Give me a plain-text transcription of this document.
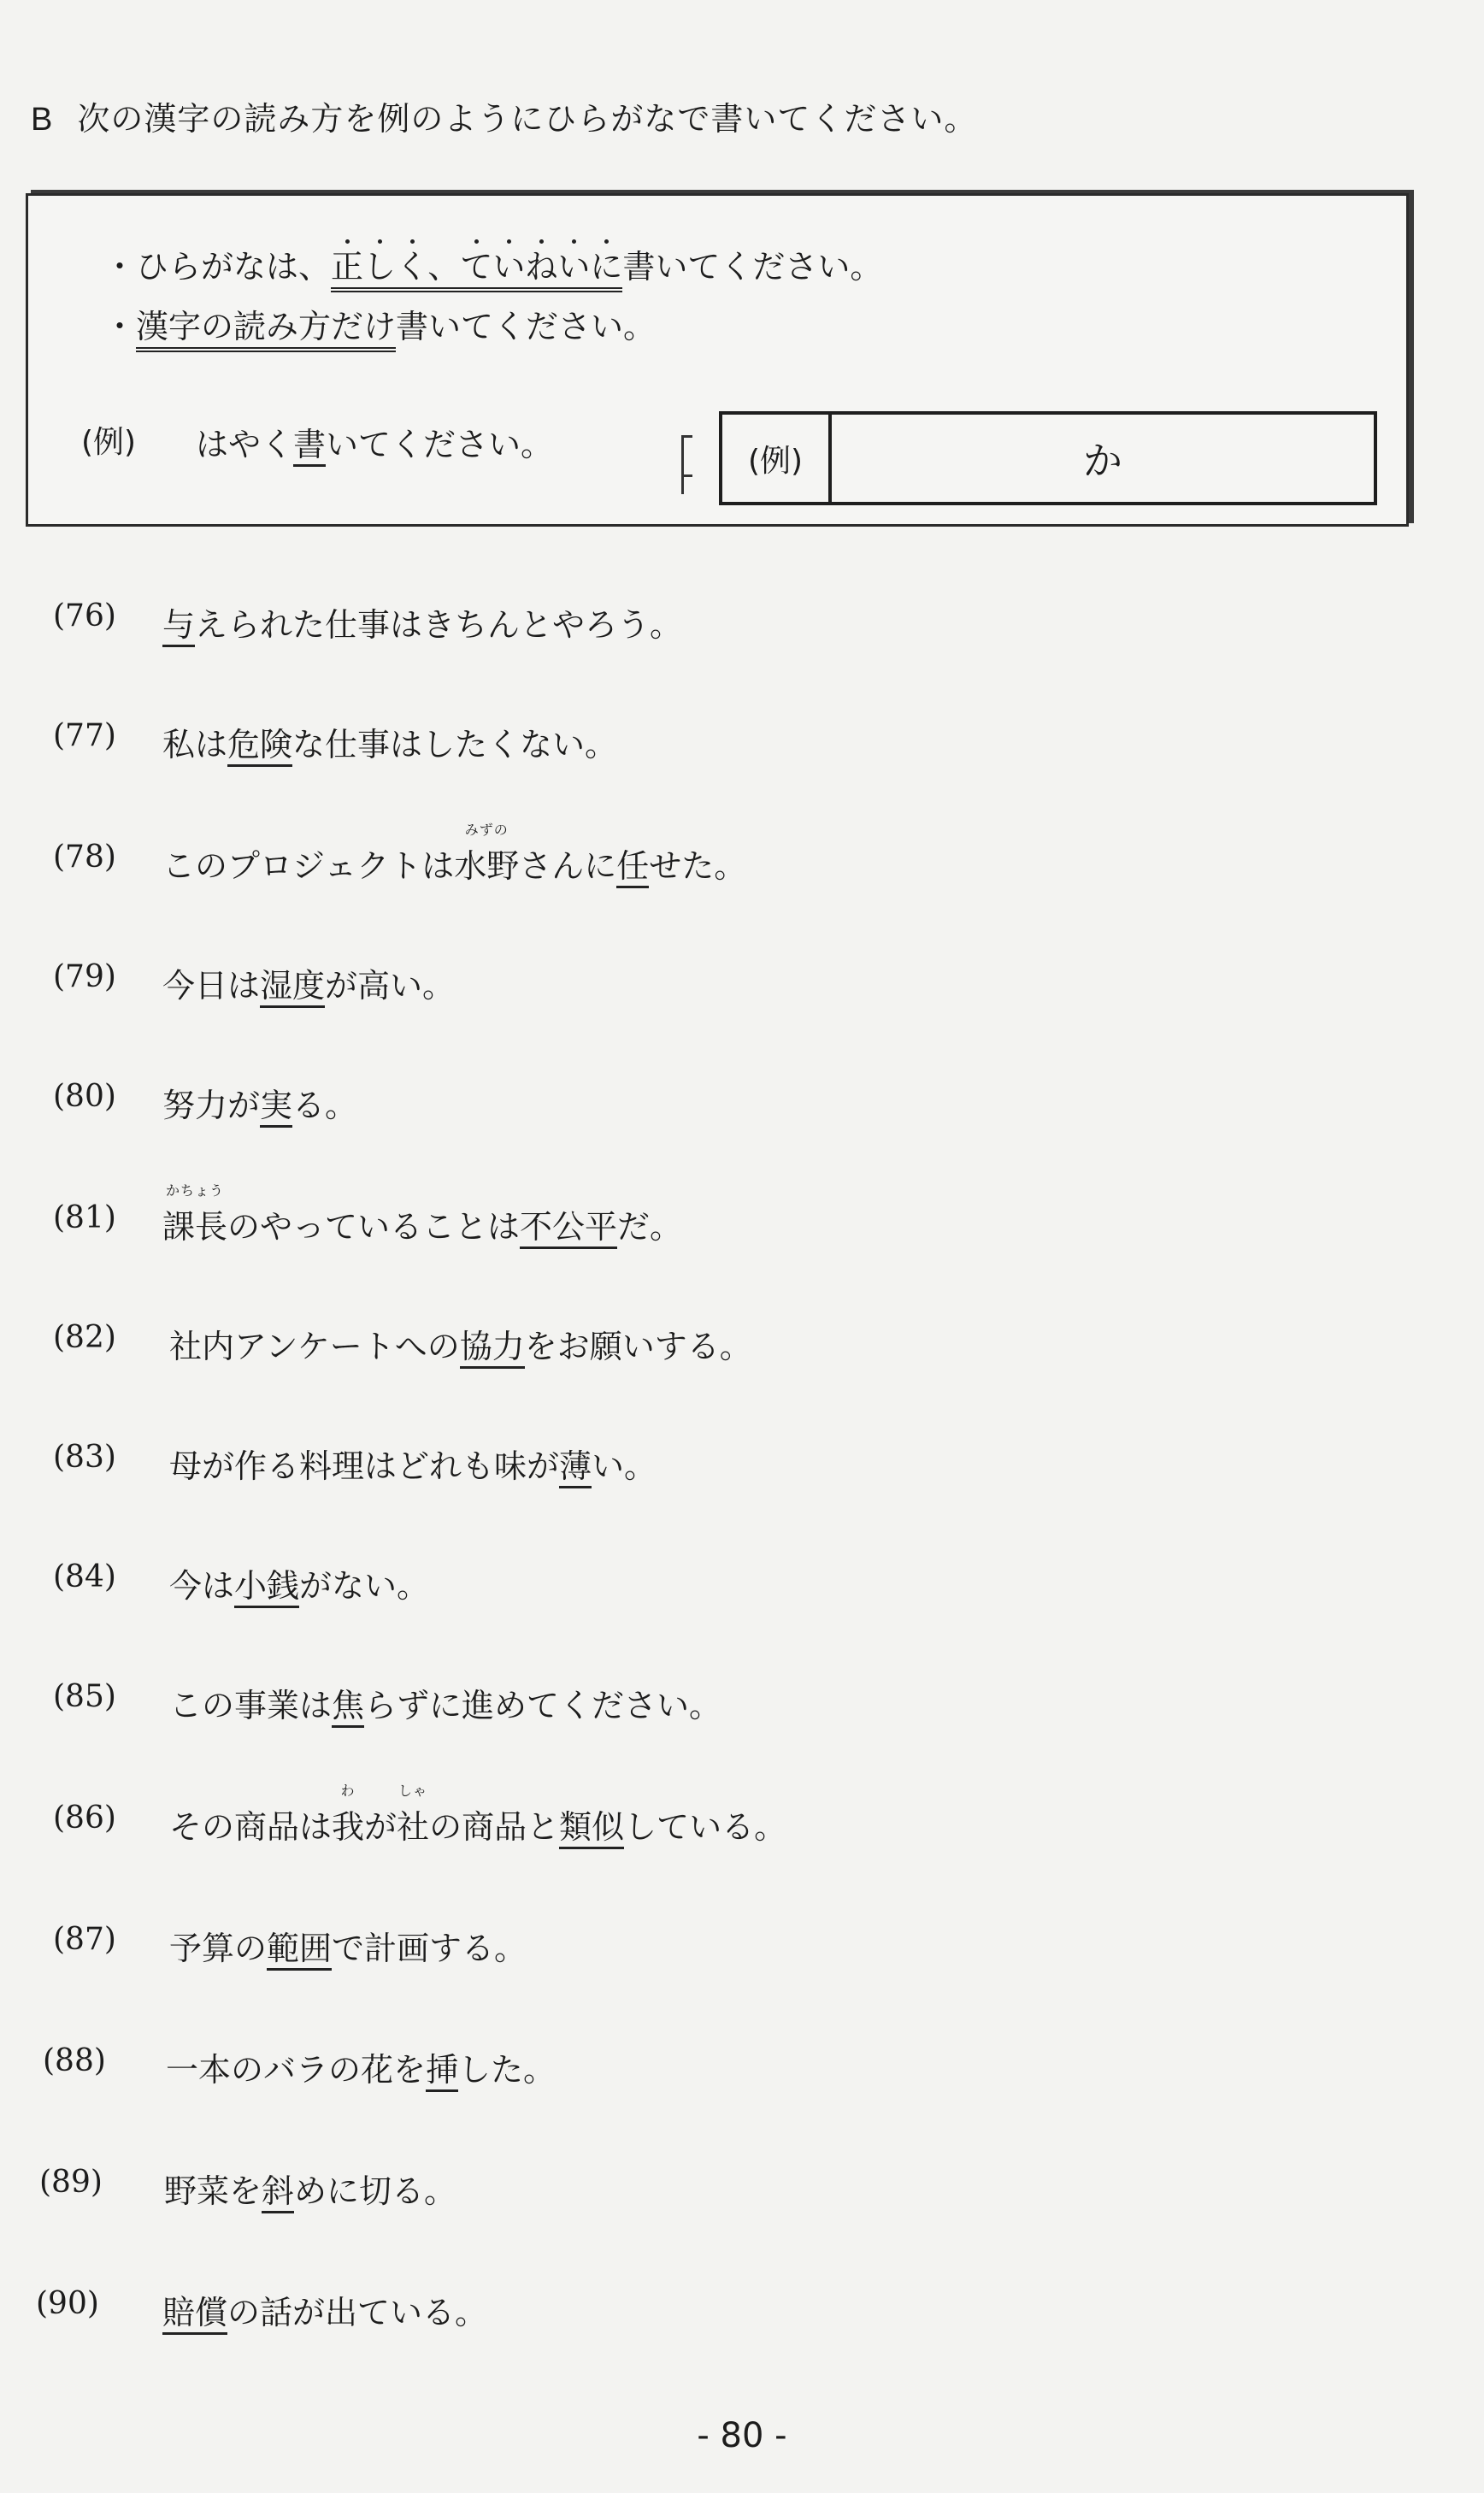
B 次の漢字の読み方を例のようにひらがなで書いてください。
・ひらがなは、正しく、ていねいに書いてください。
・漢字の読み方だけ書いてください。
(例) はやく書いてください。	(例)	か
(76) 与えられた仕事はきちんとやろう。
(77) 私は危険な仕事はしたくない。
(78) このプロジェクトは
みずの
水野さんに任せた。
(79) 今日は湿度が高い。
(80) 努力が実る。
(81)
かちょう
課長のやっていることは不公平だ。
(82) 社内アンケートへの協力をお願いする。
(83) 母が作る料理はどれも味が薄い。
(84) 今は小銭がない。
(85) この事業は焦らずに進めてください。
(86) その商品は
わ
我が
しゃ
社の商品と類似している。
(87) 予算の範囲で計画する。
(88) 一本のバラの花を挿した。
(89) 野菜を斜めに切る。
(90) 賠償の話が出ている。
- 80 -
